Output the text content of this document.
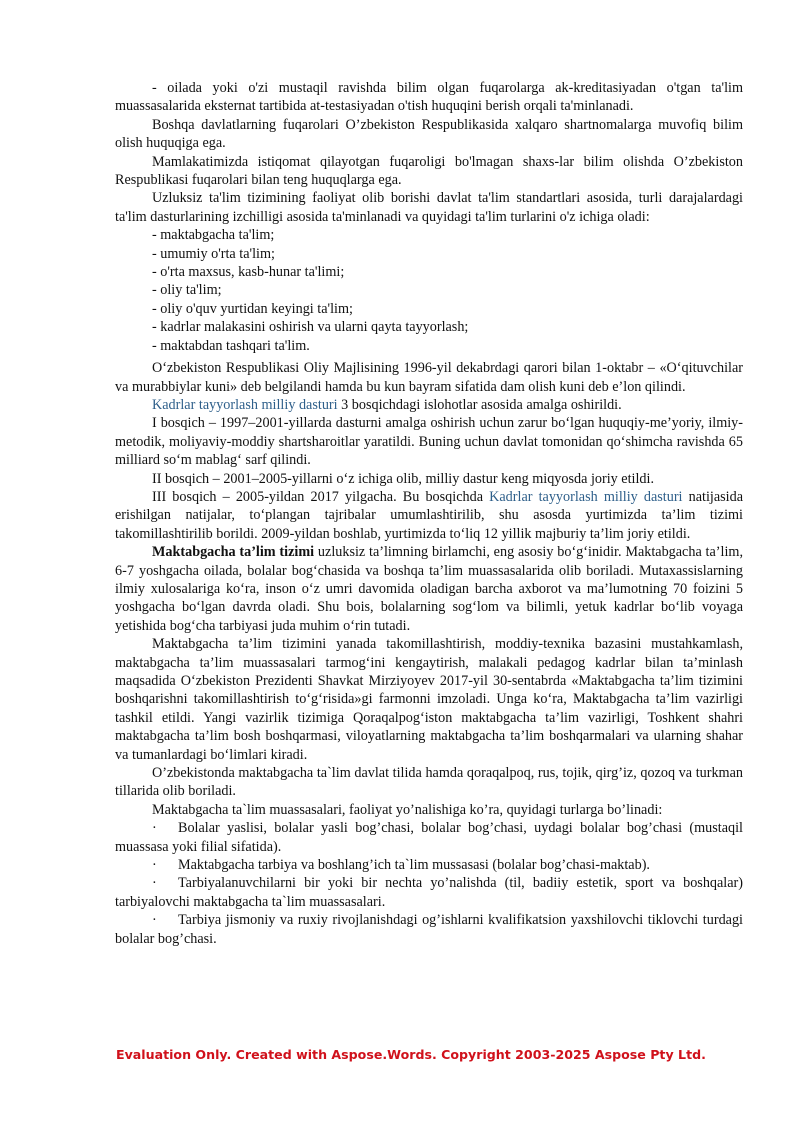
- oilada yoki o'zi mustaqil ravishda bilim olgan fuqarolarga ak-kreditasiyadan o'tgan ta'lim muassasalarida eksternat tartibida at-testasiyadan o'tish huquqini berish orqali ta'minlanadi.

Boshqa davlatlarning fuqarolari O’zbekiston Respublikasida xalqaro shartnomalarga muvofiq bilim olish huquqiga ega.

Mamlakatimizda istiqomat qilayotgan fuqaroligi bo'lmagan shaxs-lar bilim olishda O’zbekiston Respublikasi fuqarolari bilan teng huquqlarga ega.

Uzluksiz ta'lim tizimining faoliyat olib borishi davlat ta'lim standartlari asosida, turli darajalardagi ta'lim dasturlarining izchilligi asosida ta'minlanadi va quyidagi ta'lim turlarini o'z ichiga oladi:

- maktabgacha ta'lim;

- umumiy o'rta ta'lim;

- o'rta maxsus, kasb-hunar ta'limi;

- oliy ta'lim;

- oliy o'quv yurtidan keyingi ta'lim;

- kadrlar malakasini oshirish va ularni qayta tayyorlash;

- maktabdan tashqari ta'lim.

O‘zbekiston Respublikasi Oliy Majlisining 1996-yil dekabrdagi qarori bilan 1-oktabr – «O‘qituvchilar va murabbiylar kuni» deb belgilandi hamda bu kun bayram sifatida dam olish kuni deb e’lon qilindi.

Kadrlar tayyorlash milliy dasturi 3 bosqichdagi islohotlar asosida amalga oshirildi.

I bosqich – 1997–2001-yillarda dasturni amalga oshirish uchun zarur bo‘lgan huquqiy-me’yoriy, ilmiy-metodik, moliyaviy-moddiy shartsharoitlar yaratildi. Buning uchun davlat tomonidan qo‘shimcha ravishda 65 milliard so‘m mablag‘ sarf qilindi.

II bosqich – 2001–2005-yillarni o‘z ichiga olib, milliy dastur keng miqyosda joriy etildi.

III bosqich – 2005-yildan 2017 yilgacha. Bu bosqichda Kadrlar tayyorlash milliy dasturi natijasida erishilgan natijalar, to‘plangan tajribalar umumlashtirilib, shu asosda yurtimizda ta’lim tizimi takomillashtirilib borildi. 2009-yildan boshlab, yurtimizda to‘liq 12 yillik majburiy ta’lim joriy etildi.

Maktabgacha ta’lim tizimi uzluksiz ta’limning birlamchi, eng asosiy bo‘g‘inidir. Maktabgacha ta’lim, 6-7 yoshgacha oilada, bolalar bog‘chasida va boshqa ta’lim muassasalarida olib boriladi. Mutaxassislarning ilmiy xulosalariga ko‘ra, inson o‘z umri davomida oladigan barcha axborot va ma’lumotning 70 foizini 5 yoshgacha bo‘lgan davrda oladi. Shu bois, bolalarning sog‘lom va bilimli, yetuk kadrlar bo‘lib voyaga yetishida bog‘cha tarbiyasi juda muhim o‘rin tutadi.

Maktabgacha ta’lim tizimini yanada takomillashtirish, moddiy-texnika bazasini mustahkamlash, maktabgacha ta’lim muassasalari tarmog‘ini kengaytirish, malakali pedagog kadrlar bilan ta’minlash maqsadida O‘zbekiston Prezidenti Shavkat Mirziyoyev 2017-yil 30-sentabrda «Maktabgacha ta’lim tizimini boshqarishni takomillashtirish to‘g‘risida»gi farmonni imzoladi. Unga ko‘ra, Maktabgacha ta’lim vazirligi tashkil etildi. Yangi vazirlik tizimiga Qoraqalpog‘iston maktabgacha ta’lim vazirligi, Toshkent shahri maktabgacha ta’lim bosh boshqarmasi, viloyatlarning maktabgacha ta’lim boshqarmalari va ularning shahar va tumanlardagi bo‘limlari kiradi.

O’zbekistonda maktabgacha ta`lim davlat tilida hamda qoraqalpoq, rus, tojik, qirg’iz, qozoq va turkman tillarida olib boriladi.

Maktabgacha ta`lim muassasalari, faoliyat yo’nalishiga ko’ra, quyidagi turlarga bo’linadi:

· Bolalar yaslisi, bolalar yasli bog’chasi, bolalar bog’chasi, uydagi bolalar bog’chasi (mustaqil muassasa yoki filial sifatida).

· Maktabgacha tarbiya va boshlang’ich ta`lim mussasasi (bolalar bog’chasi-maktab).

· Tarbiyalanuvchilarni bir yoki bir nechta yo’nalishda (til, badiiy estetik, sport va boshqalar) tarbiyalovchi maktabgacha ta`lim muassasalari.

· Tarbiya jismoniy va ruxiy rivojlanishdagi og’ishlarni kvalifikatsion yaxshilovchi tiklovchi turdagi bolalar bog’chasi.

Evaluation Only. Created with Aspose.Words. Copyright 2003-2025 Aspose Pty Ltd.
